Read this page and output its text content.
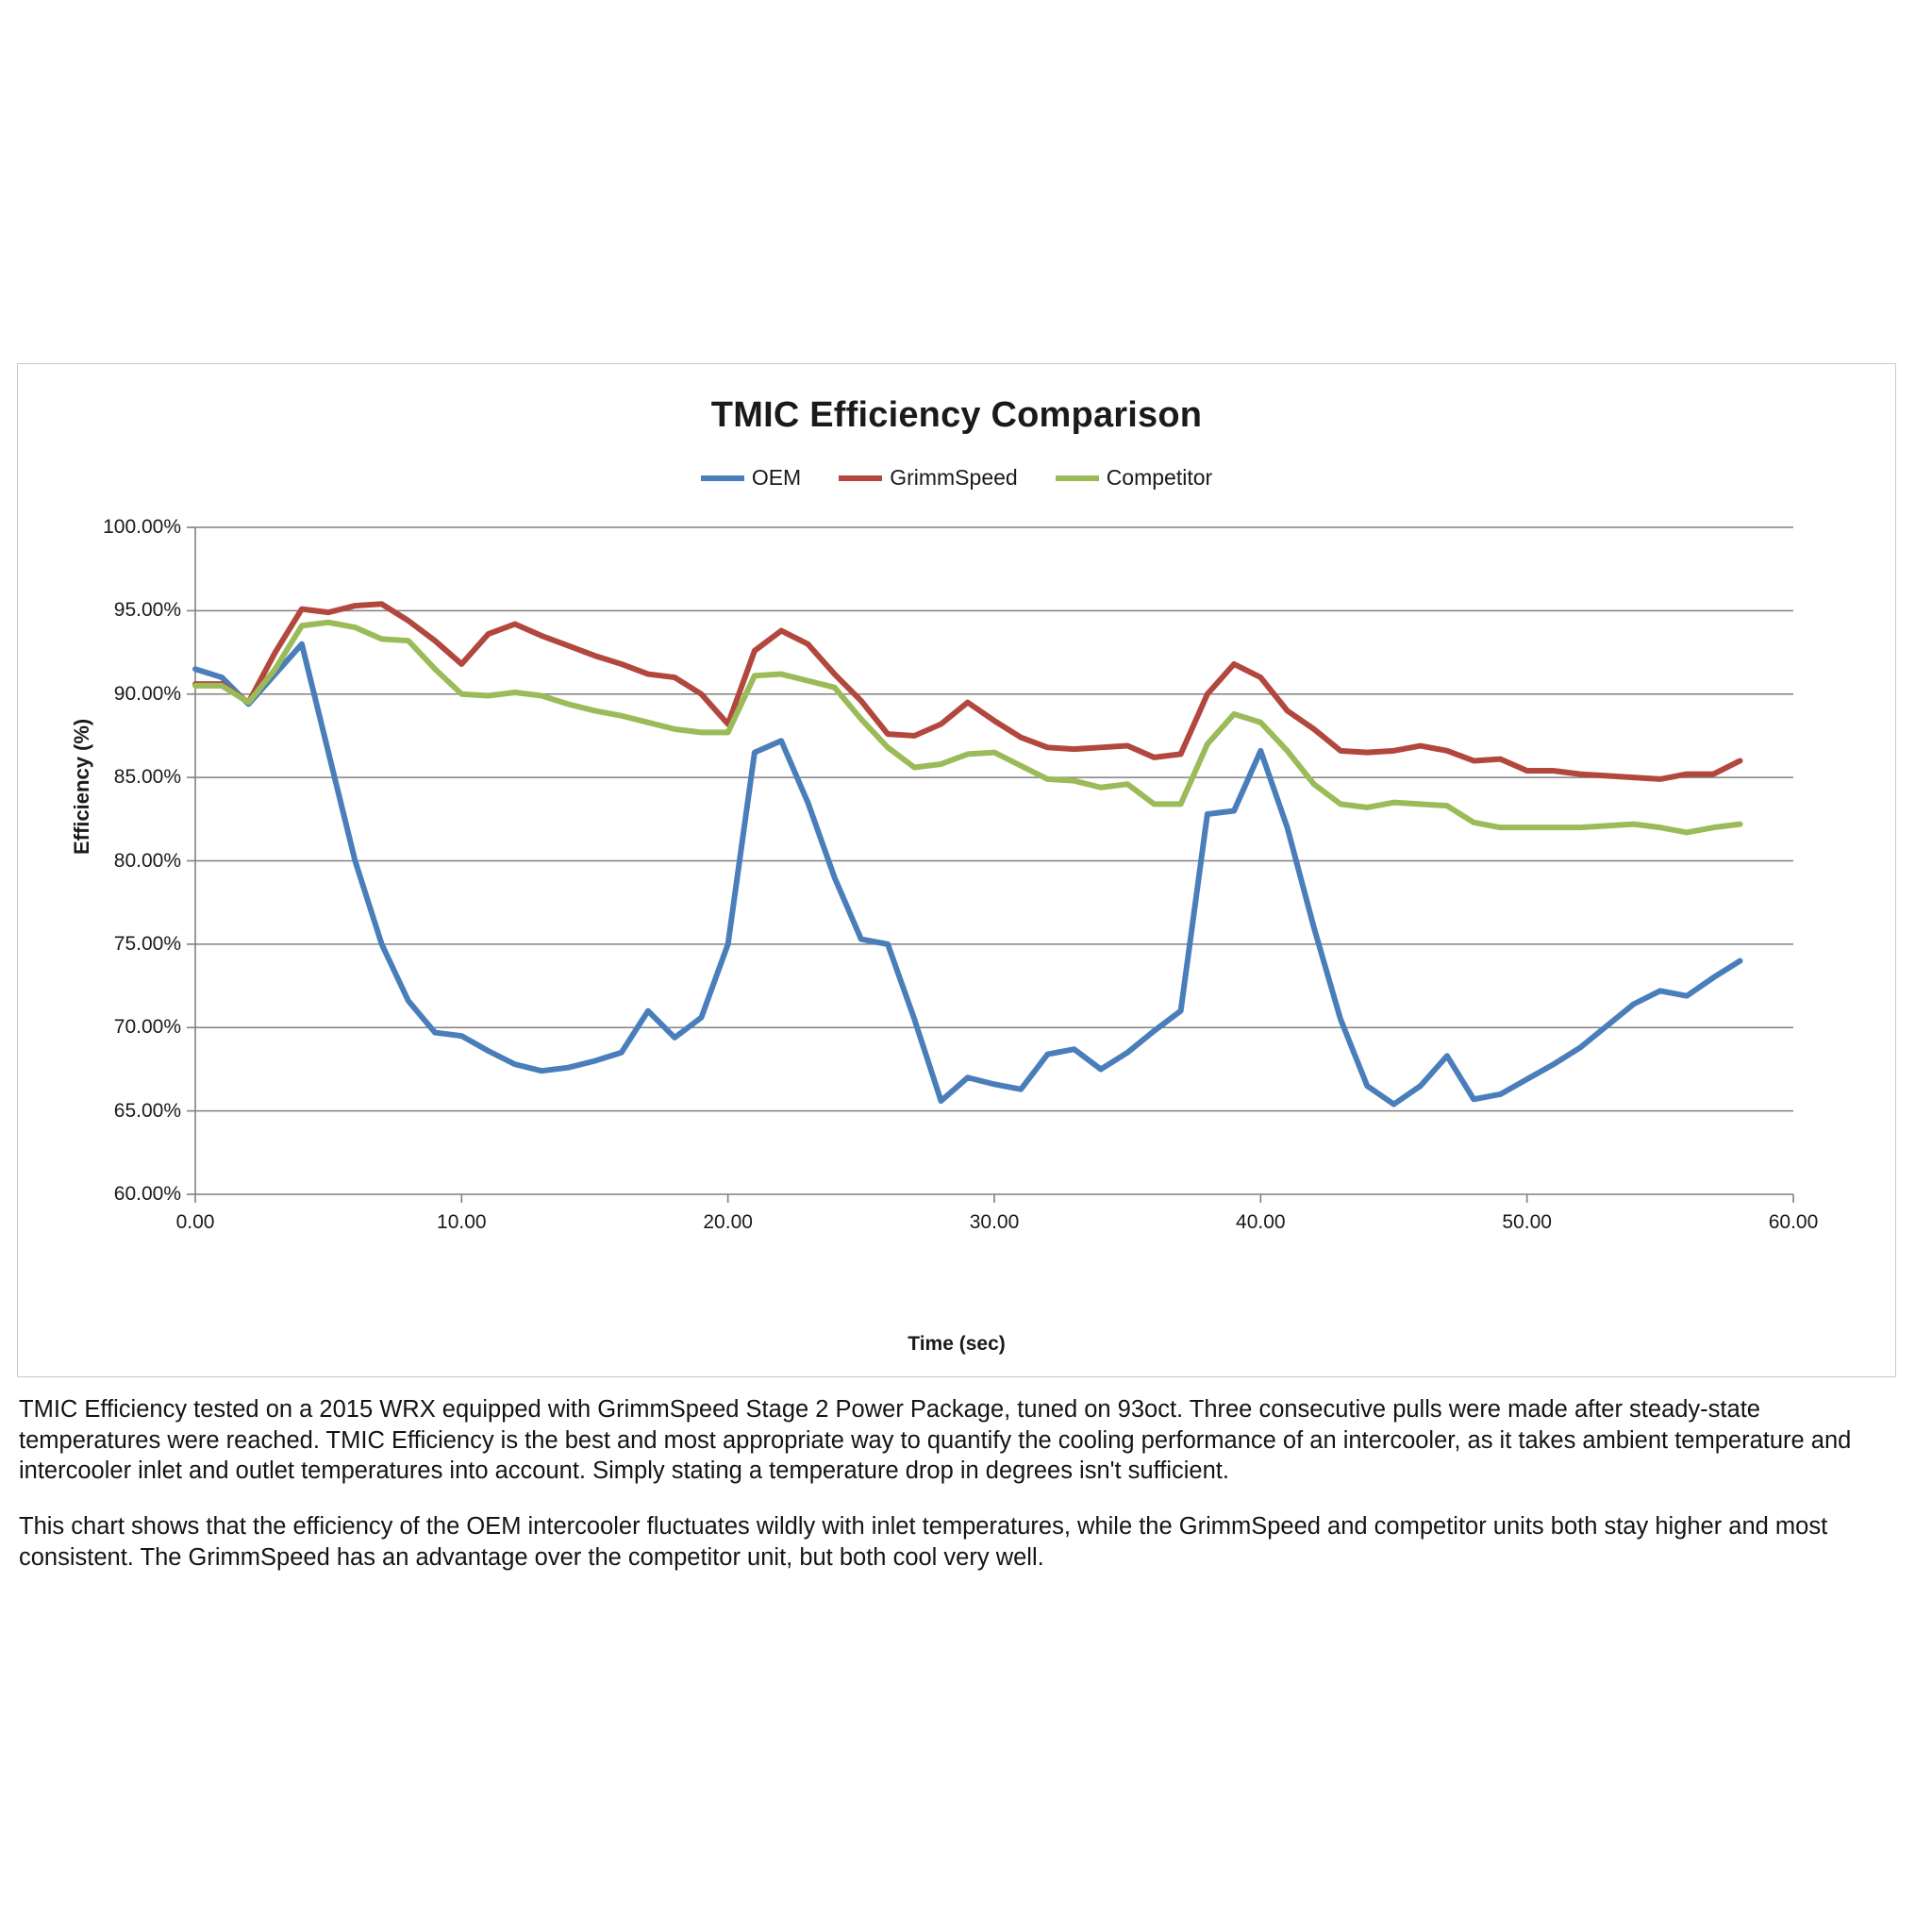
TMIC Efficiency Comparison
OEM	GrimmSpeed	Competitor
Efficiency (%)
Time (sec)
60.00%
65.00%
70.00%
75.00%
80.00%
85.00%
90.00%
95.00%
100.00%
0.00	10.00	20.00	30.00	40.00	50.00	60.00

TMIC Efficiency tested on a 2015 WRX equipped with GrimmSpeed Stage 2 Power Package, tuned on 93oct. Three consecutive pulls were made after steady-state temperatures were reached. TMIC Efficiency is the best and most appropriate way to quantify the cooling performance of an intercooler, as it takes ambient temperature and intercooler inlet and outlet temperatures into account. Simply stating a temperature drop in degrees isn't sufficient.

This chart shows that the efficiency of the OEM intercooler fluctuates wildly with inlet temperatures, while the GrimmSpeed and competitor units both stay higher and most consistent. The GrimmSpeed has an advantage over the competitor unit, but both cool very well.
